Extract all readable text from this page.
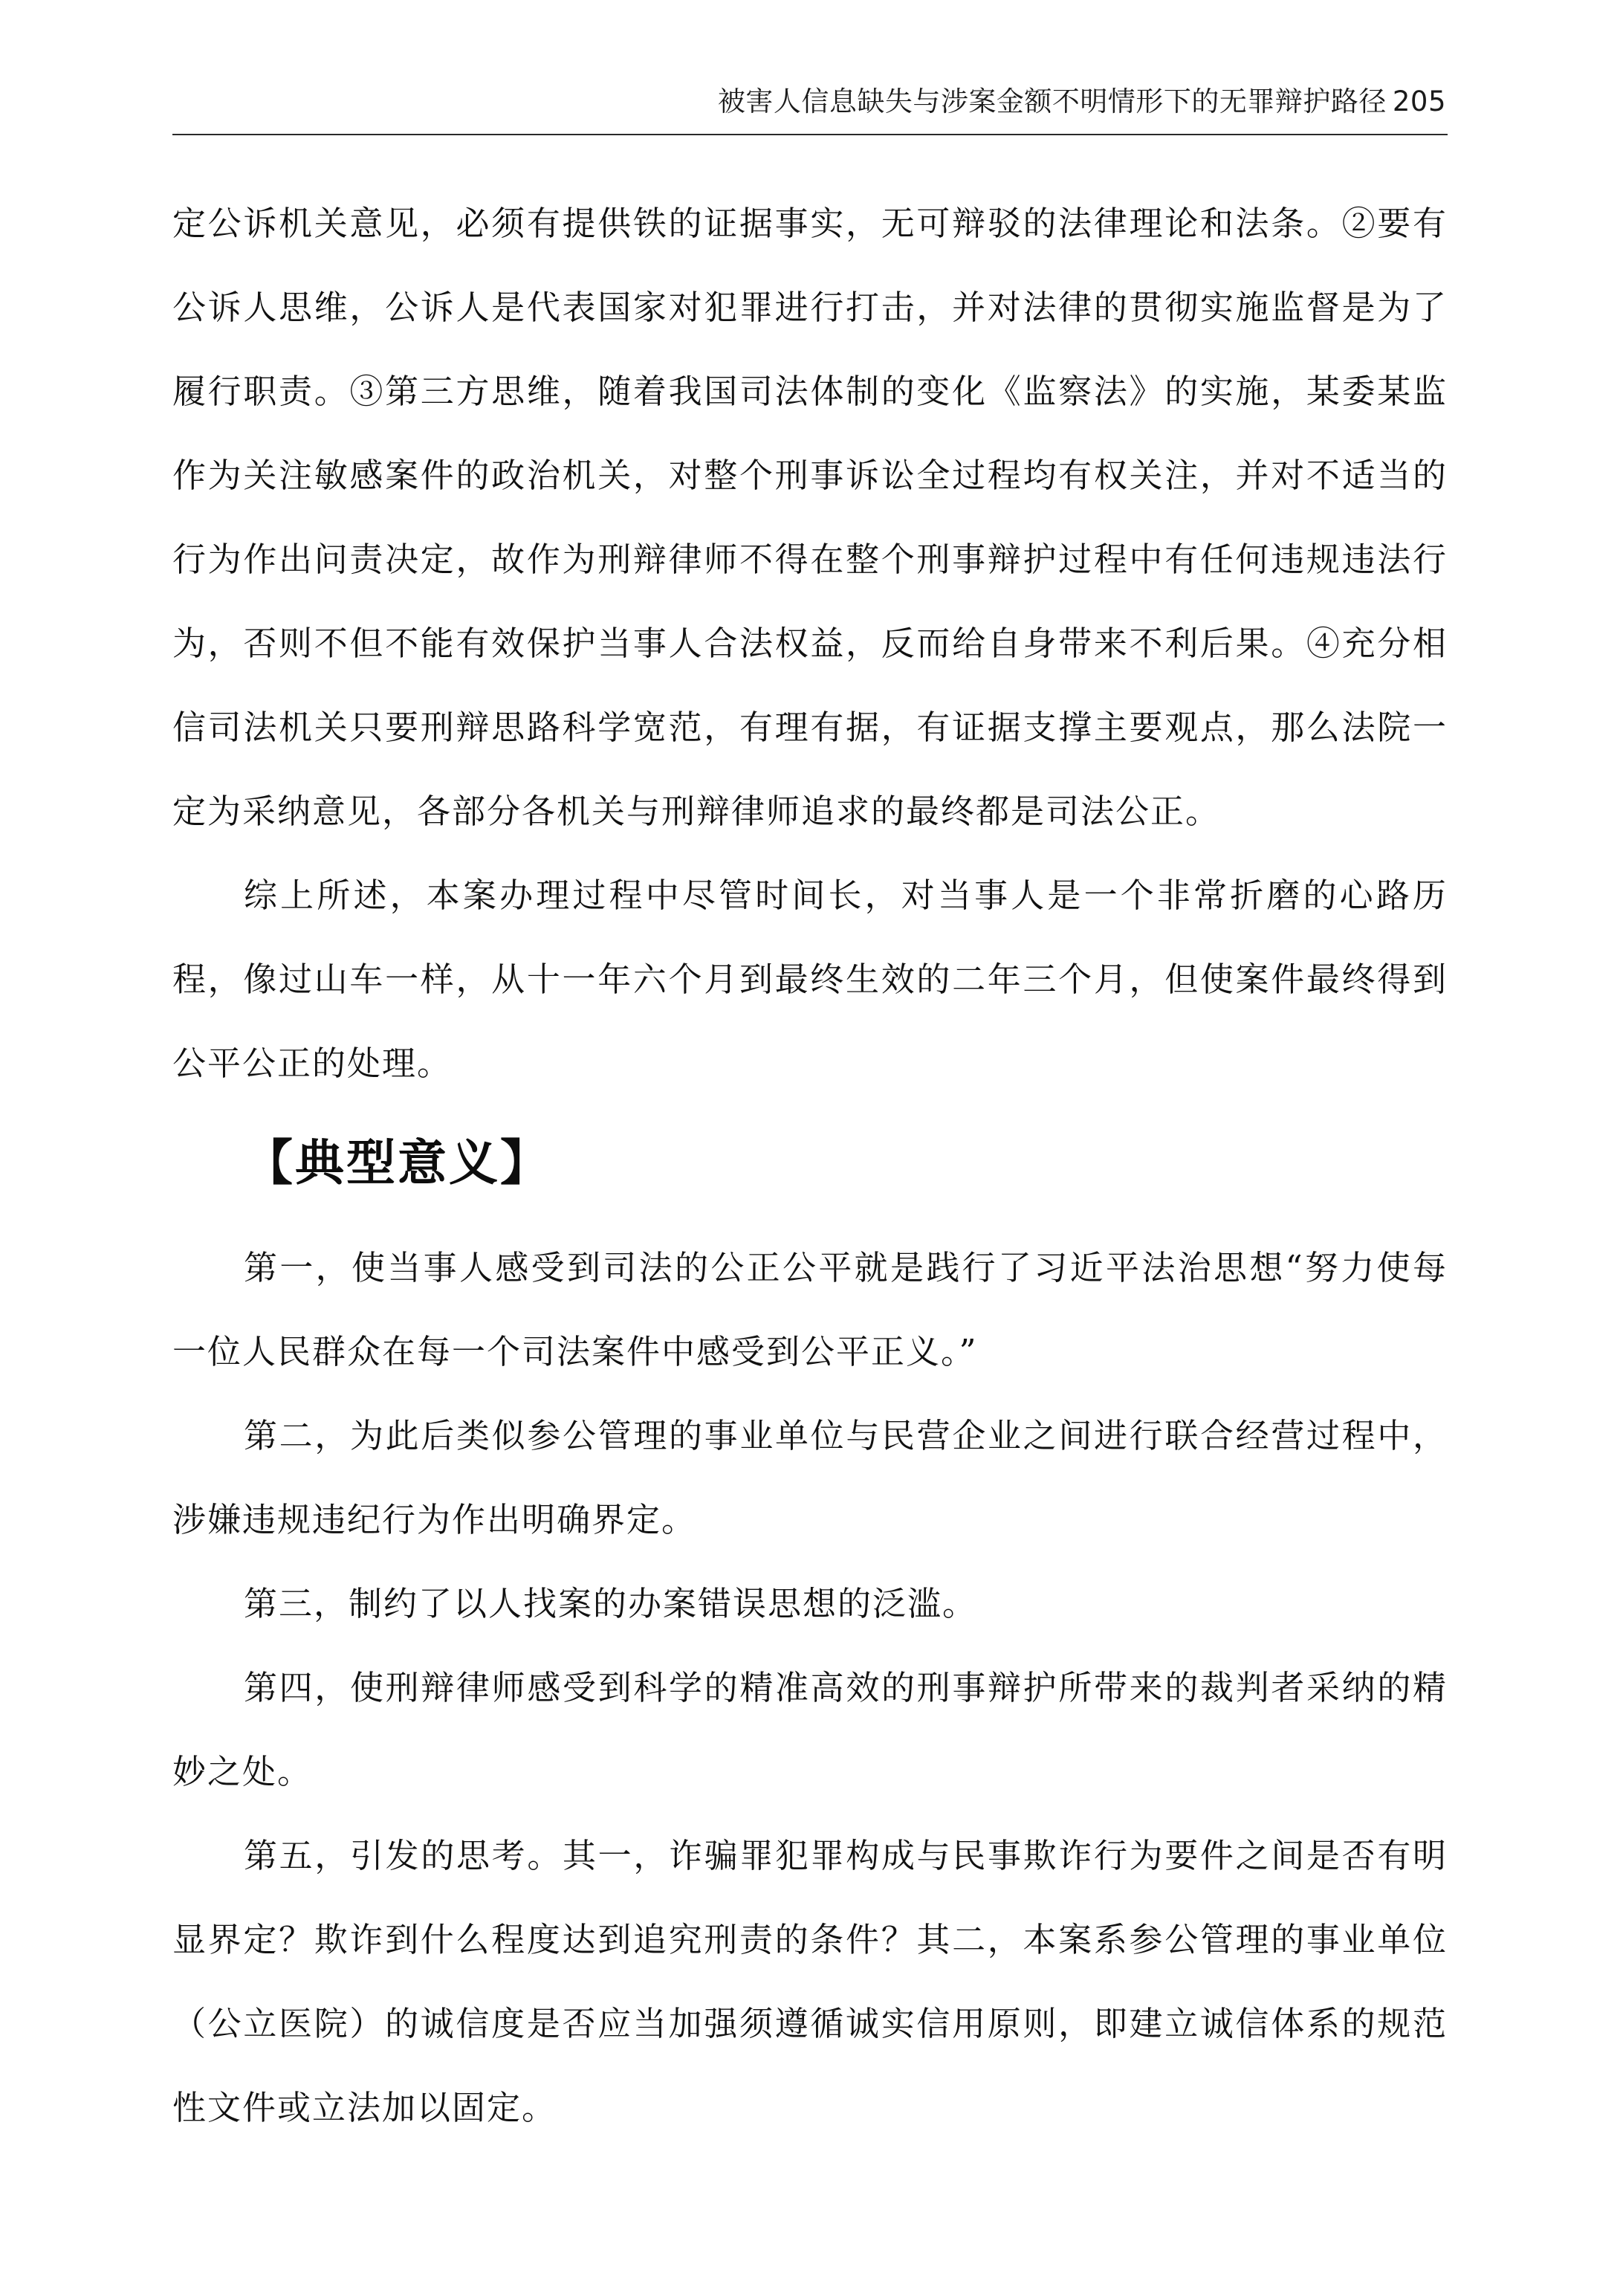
被害人信息缺失与涉案金额不明情形下的无罪辩护路径 205

定公诉机关意见，必须有提供铁的证据事实，无可辩驳的法律理论和法条。②要有公诉人思维，公诉人是代表国家对犯罪进行打击，并对法律的贯彻实施监督是为了履行职责。③第三方思维，随着我国司法体制的变化《监察法》的实施，某委某监作为关注敏感案件的政治机关，对整个刑事诉讼全过程均有权关注，并对不适当的行为作出问责决定，故作为刑辩律师不得在整个刑事辩护过程中有任何违规违法行为，否则不但不能有效保护当事人合法权益，反而给自身带来不利后果。④充分相信司法机关只要刑辩思路科学宽范，有理有据，有证据支撑主要观点，那么法院一定为采纳意见，各部分各机关与刑辩律师追求的最终都是司法公正。

综上所述，本案办理过程中尽管时间长，对当事人是一个非常折磨的心路历程，像过山车一样，从十一年六个月到最终生效的二年三个月，但使案件最终得到公平公正的处理。

【典型意义】

第一，使当事人感受到司法的公正公平就是践行了习近平法治思想“努力使每一位人民群众在每一个司法案件中感受到公平正义。”

第二，为此后类似参公管理的事业单位与民营企业之间进行联合经营过程中，涉嫌违规违纪行为作出明确界定。

第三，制约了以人找案的办案错误思想的泛滥。

第四，使刑辩律师感受到科学的精准高效的刑事辩护所带来的裁判者采纳的精妙之处。

第五，引发的思考。其一，诈骗罪犯罪构成与民事欺诈行为要件之间是否有明显界定？欺诈到什么程度达到追究刑责的条件？其二，本案系参公管理的事业单位（公立医院）的诚信度是否应当加强须遵循诚实信用原则，即建立诚信体系的规范性文件或立法加以固定。
